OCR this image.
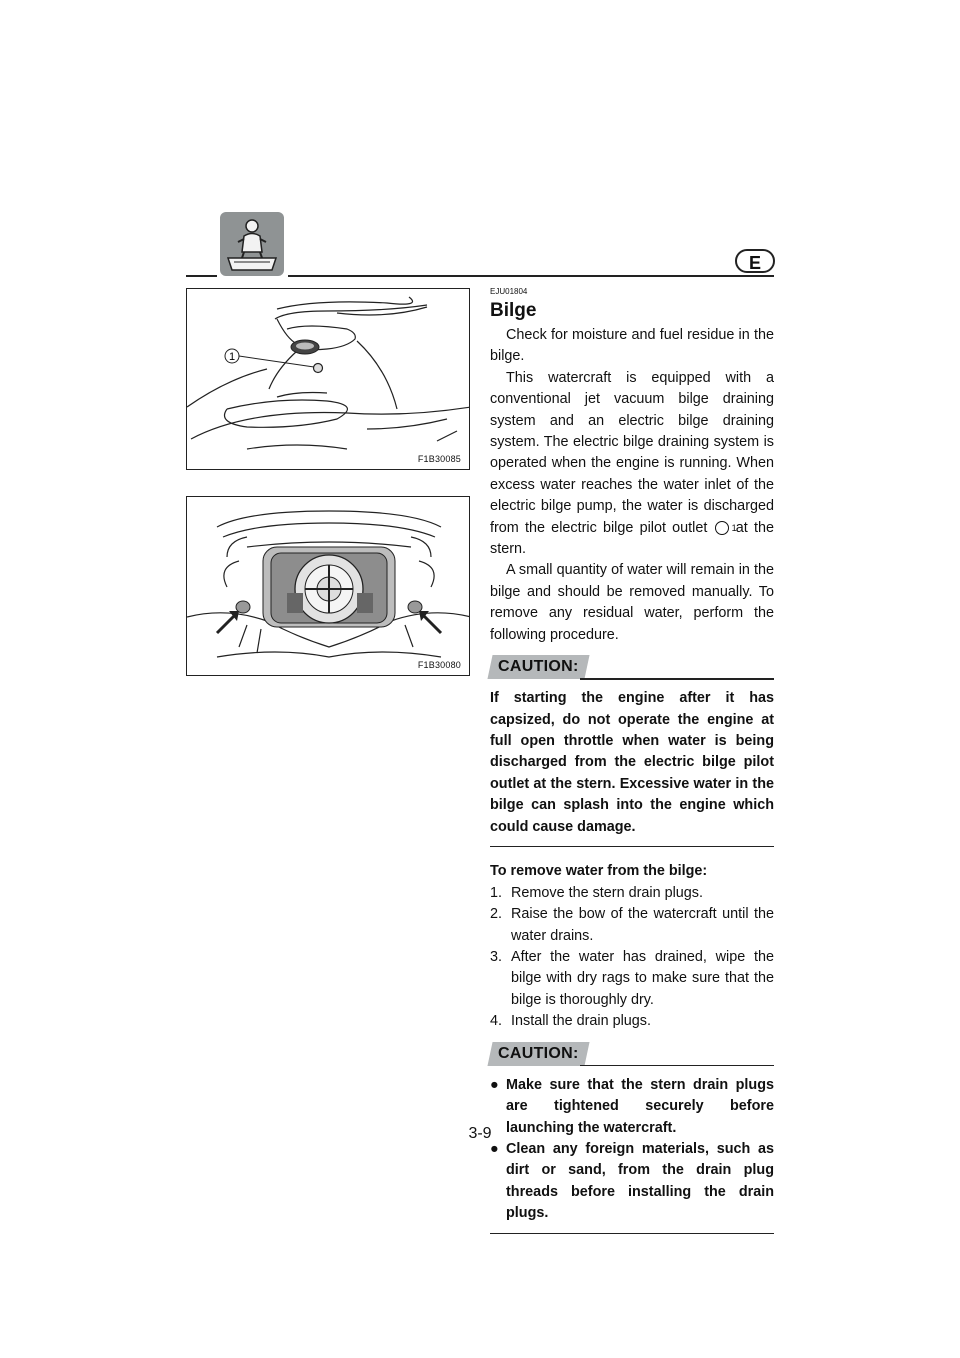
E
1
F1B30085
F1B30080
EJU01804
Bilge

Check for moisture and fuel residue in the bilge.

This watercraft is equipped with a conventional jet vacuum bilge draining system and an electric bilge draining system. The electric bilge draining system is operated when the engine is running. When excess water reaches the water inlet of the electric bilge pump, the water is discharged from the electric bilge pilot outlet	1 at the stern.

A small quantity of water will remain in the bilge and should be removed manually. To remove any residual water, perform the following procedure.

CAUTION:

If starting the engine after it has capsized, do not operate the engine at full open throttle when water is being discharged from the electric bilge pilot outlet at the stern. Excessive water in the bilge can splash into the engine which could cause damage.

To remove water from the bilge:

1. Remove the stern drain plugs.
2. Raise the bow of the watercraft until the water drains.
3. After the water has drained, wipe the bilge with dry rags to make sure that the bilge is thoroughly dry.
4. Install the drain plugs.
CAUTION:
● Make sure that the stern drain plugs are tightened securely before launching the watercraft.
● Clean any foreign materials, such as dirt or sand, from the drain plug threads before installing the drain plugs.
3-9
